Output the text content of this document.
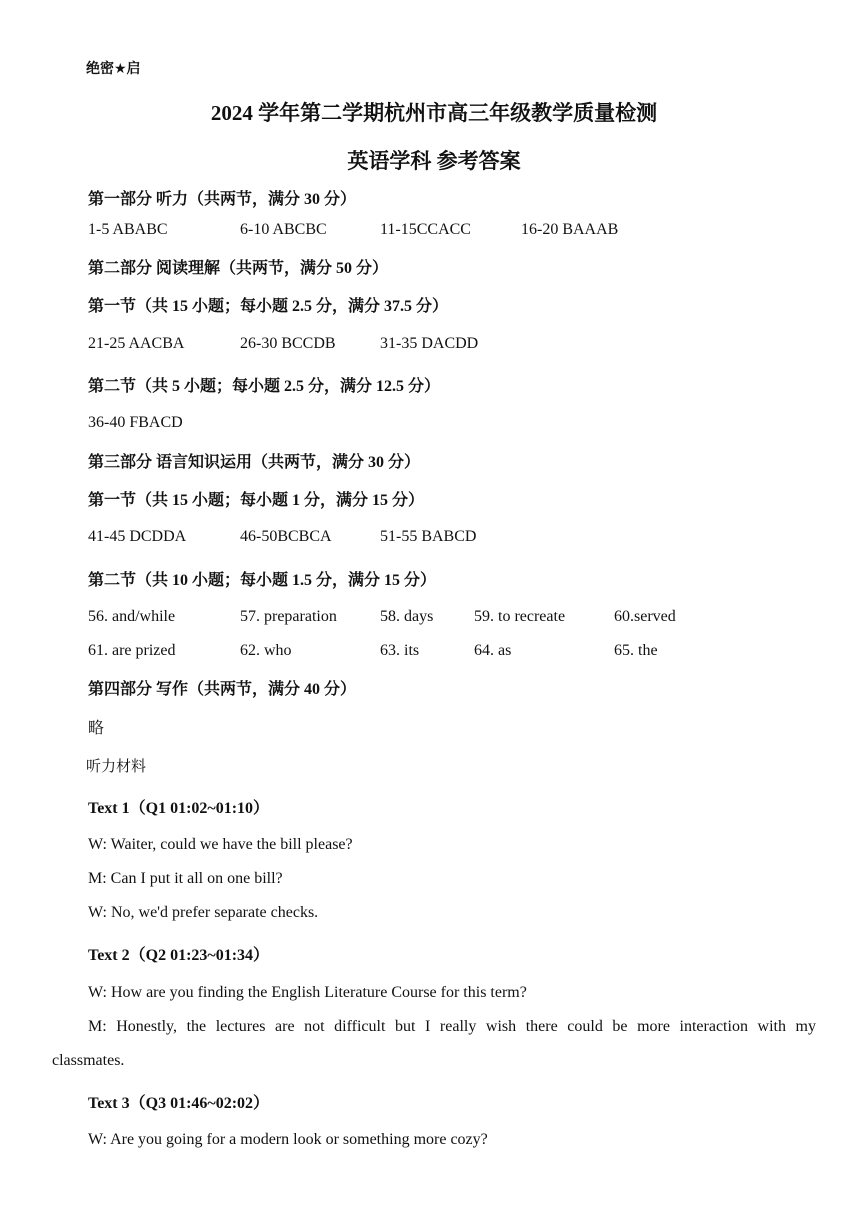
绝密★启
2024 学年第二学期杭州市高三年级教学质量检测
英语学科 参考答案
第一部分 听力（共两节，满分 30 分）
1-5 ABABC	6-10 ABCBC	11-15CCACC	16-20 BAAAB
第二部分 阅读理解（共两节，满分 50 分）
第一节（共 15 小题；每小题 2.5 分，满分 37.5 分）
21-25 AACBA	26-30 BCCDB	31-35 DACDD
第二节（共 5 小题；每小题 2.5 分，满分 12.5 分）
36-40 FBACD
第三部分 语言知识运用（共两节，满分 30 分）
第一节（共 15 小题；每小题 1 分，满分 15 分）
41-45 DCDDA	46-50BCBCA	51-55 BABCD
第二节（共 10 小题；每小题 1.5 分，满分 15 分）
56. and/while	57. preparation	58. days	59. to recreate	60.served
61. are prized	62. who	63. its	64. as	65. the
第四部分 写作（共两节，满分 40 分）
略
听力材料
Text 1（Q1 01:02~01:10）
W: Waiter, could we have the bill please?
M: Can I put it all on one bill?
W: No, we'd prefer separate checks.
Text 2（Q2 01:23~01:34）
W: How are you finding the English Literature Course for this term?
M: Honestly, the lectures are not difficult but I really wish there could be more interaction with my
classmates.
Text 3（Q3 01:46~02:02）
W: Are you going for a modern look or something more cozy?
